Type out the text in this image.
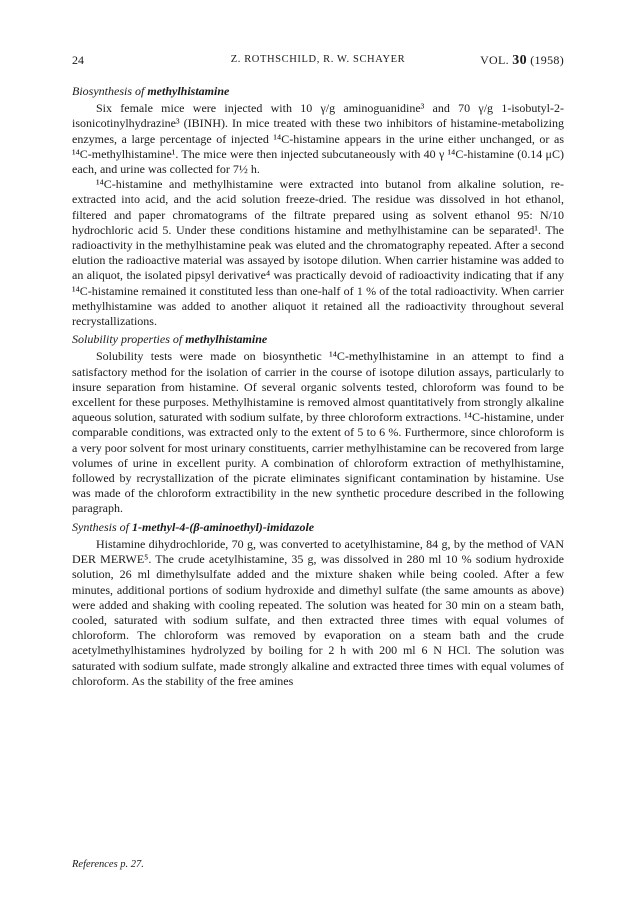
24	Z. ROTHSCHILD, R. W. SCHAYER	VOL. 30 (1958)
Biosynthesis of methylhistamine

Six female mice were injected with 10 γ/g aminoguanidine³ and 70 γ/g 1-isobutyl-2-isonicotinylhydrazine³ (IBINH). In mice treated with these two inhibitors of histamine-metabolizing enzymes, a large percentage of injected ¹⁴C-histamine appears in the urine either unchanged, or as ¹⁴C-methylhistamine¹. The mice were then injected subcutaneously with 40 γ ¹⁴C-histamine (0.14 μC) each, and urine was collected for 7½ h.

¹⁴C-histamine and methylhistamine were extracted into butanol from alkaline solution, re-extracted into acid, and the acid solution freeze-dried. The residue was dissolved in hot ethanol, filtered and paper chromatograms of the filtrate prepared using as solvent ethanol 95: N/10 hydrochloric acid 5. Under these conditions histamine and methylhistamine can be separated¹. The radioactivity in the methylhistamine peak was eluted and the chromatography repeated. After a second elution the radioactive material was assayed by isotope dilution. When carrier histamine was added to an aliquot, the isolated pipsyl derivative⁴ was practically devoid of radioactivity indicating that if any ¹⁴C-histamine remained it constituted less than one-half of 1 % of the total radioactivity. When carrier methylhistamine was added to another aliquot it retained all the radioactivity throughout several recrystallizations.

Solubility properties of methylhistamine

Solubility tests were made on biosynthetic ¹⁴C-methylhistamine in an attempt to find a satisfactory method for the isolation of carrier in the course of isotope dilution assays, particularly to insure separation from histamine. Of several organic solvents tested, chloroform was found to be excellent for these purposes. Methylhistamine is removed almost quantitatively from strongly alkaline aqueous solution, saturated with sodium sulfate, by three chloroform extractions. ¹⁴C-histamine, under comparable conditions, was extracted only to the extent of 5 to 6 %. Furthermore, since chloroform is a very poor solvent for most urinary constituents, carrier methylhistamine can be recovered from large volumes of urine in excellent purity. A combination of chloroform extraction of methylhistamine, followed by recrystallization of the picrate eliminates significant contamination by histamine. Use was made of the chloroform extractibility in the new synthetic procedure described in the following paragraph.

Synthesis of 1-methyl-4-(β-aminoethyl)-imidazole

Histamine dihydrochloride, 70 g, was converted to acetylhistamine, 84 g, by the method of VAN DER MERWE⁵. The crude acetylhistamine, 35 g, was dissolved in 280 ml 10 % sodium hydroxide solution, 26 ml dimethylsulfate added and the mixture shaken while being cooled. After a few minutes, additional portions of sodium hydroxide and dimethyl sulfate (the same amounts as above) were added and shaking with cooling repeated. The solution was heated for 30 min on a steam bath, cooled, saturated with sodium sulfate, and then extracted three times with equal volumes of chloroform. The chloroform was removed by evaporation on a steam bath and the crude acetylmethylhistamines hydrolyzed by boiling for 2 h with 200 ml 6 N HCl. The solution was saturated with sodium sulfate, made strongly alkaline and extracted three times with equal volumes of chloroform. As the stability of the free amines

References p. 27.
